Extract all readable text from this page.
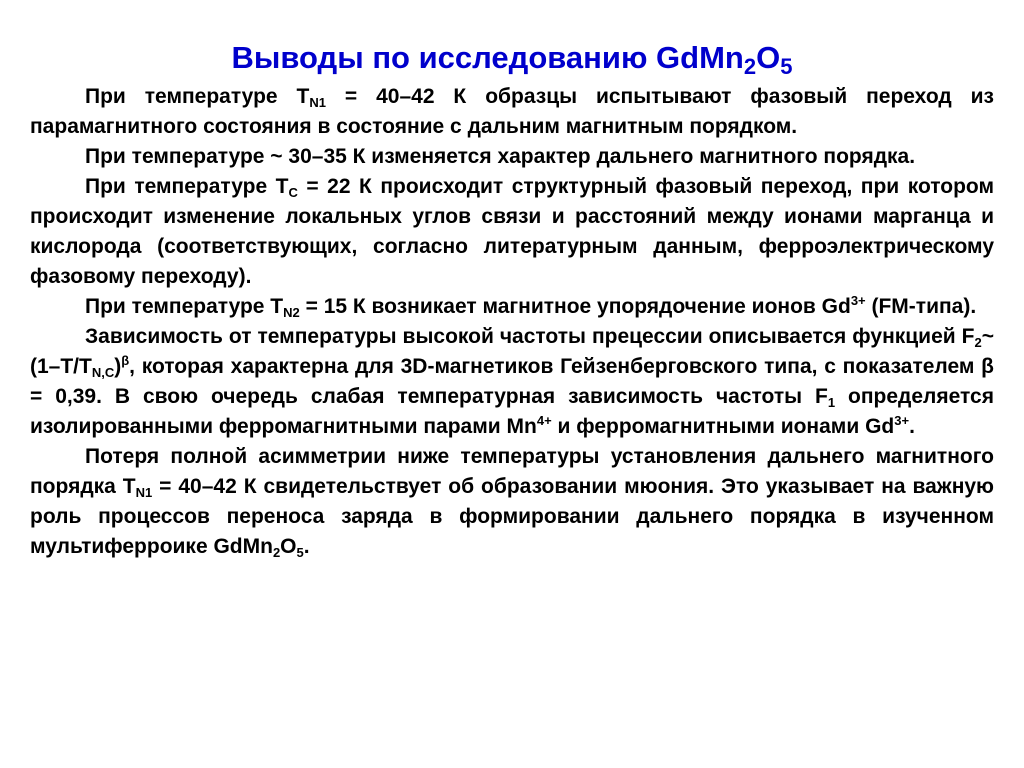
Выводы по исследованию GdMn2O5

При температуре $T_{N1} = 40-42$ К образцы испытывают фазовый переход из парамагнитного состояния в состояние с дальним магнитным порядком.

При температуре ~ 30–35 К изменяется характер дальнего магнитного порядка.

При температуре $T_C = 22$ К происходит структурный фазовый переход, при котором происходит изменение локальных углов связи и расстояний между ионами марганца и кислорода (соответствующих, согласно литературным данным, ферроэлектрическому фазовому переходу).

При температуре $T_{N2} = 15$ К возникает магнитное упорядочение ионов $Gd^{3+}$ (FM-типа).

Зависимость от температуры высокой частоты прецессии описывается функцией $F_2\sim(1-T/T_{N,C})^\beta$, которая характерна для 3D-магнетиков Гейзенберговского типа, с показателем β = 0,39. В свою очередь слабая температурная зависимость частоты $F_1$ определяется изолированными ферромагнитными парами $Mn^{4+}$ и ферромагнитными ионами $Gd^{3+}$.

Потеря полной асимметрии ниже температуры установления дальнего магнитного порядка $T_{N1} = 40-42$ К свидетельствует об образовании мюония. Это указывает на важную роль процессов переноса заряда в формировании дальнего порядка в изученном мультиферроике $GdMn_2O_5$.
